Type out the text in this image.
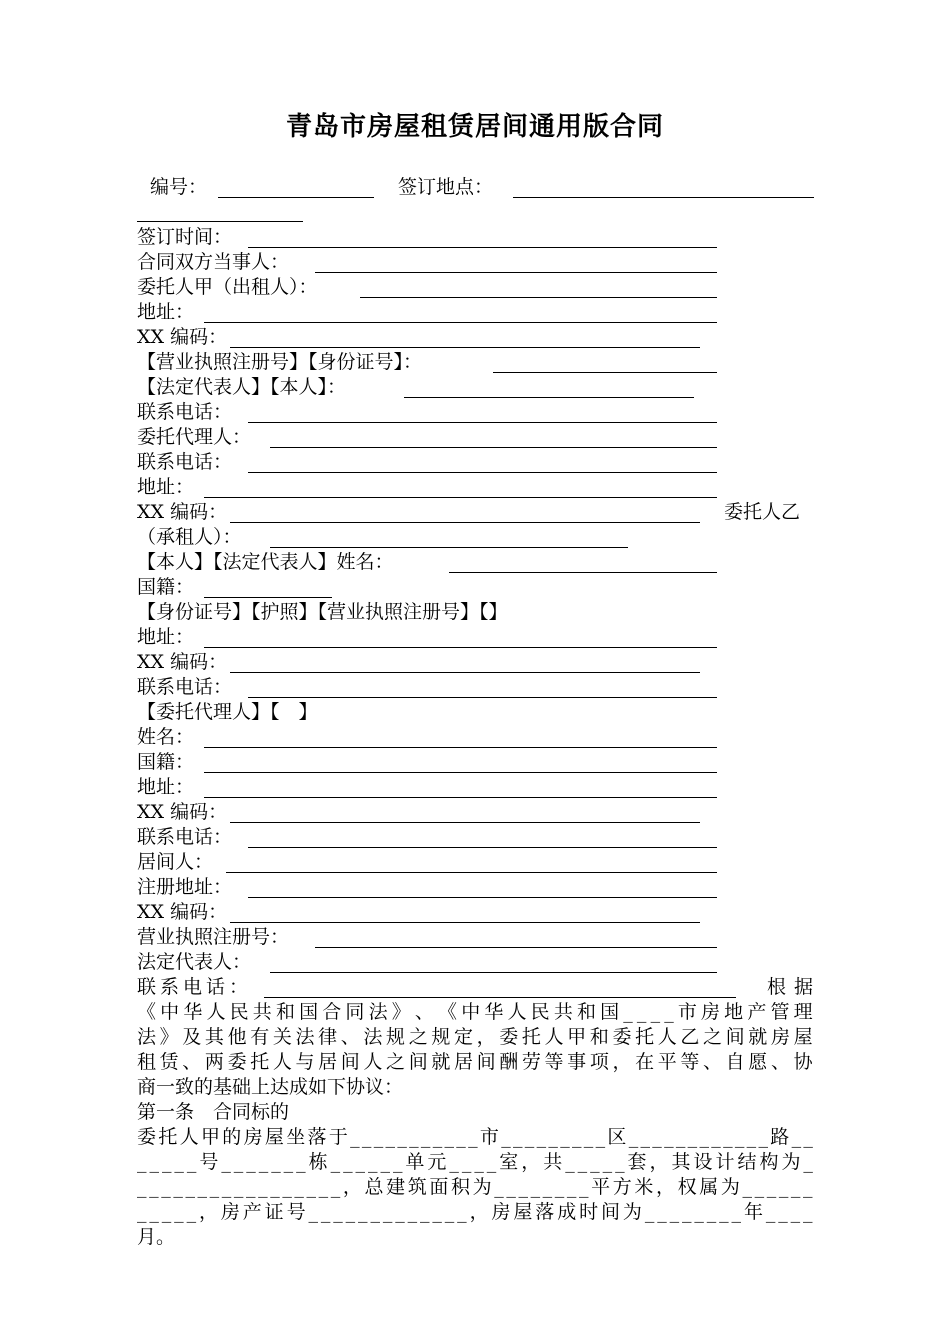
青岛市房屋租赁居间通用版合同
编号：	签订地点：
签订时间：
合同双方当事人：
委托人甲（出租人）：
地址：
XX 编码：
【营业执照注册号】【身份证号】：
【法定代表人】【本人】：
联系电话：
委托代理人：
联系电话：
地址：
XX 编码：	委托人乙
（承租人）：
【本人】【法定代表人】姓名：
国籍：
【身份证号】【护照】【营业执照注册号】【】
地址：
XX 编码：
联系电话：
【委托代理人】【　】
姓名：
国籍：
地址：
XX 编码：
联系电话：
居间人：
注册地址：
XX 编码：
营业执照注册号：
法定代表人：
联系电话：	根据
《 中 华 人 民 共 和 国 合 同 法 》 、 《 中 华 人 民 共 和 国 _ _ _ _ 市 房 地 产 管 理
法 》 及 其 他 有 关 法 律 、 法 规 之 规 定 ， 委 托 人 甲 和 委 托 人 乙 之 间 就 房 屋
租 赁 、 两 委 托 人 与 居 间 人 之 间 就 居 间 酬 劳 等 事 项 ， 在 平 等 、 自 愿 、 协
商一致的基础上达成如下协议：
第一条　合同标的
委 托 人 甲 的 房 屋 坐 落 于 _ _ _ _ _ _ _ _ _ _ _ 市 _ _ _ _ _ _ _ _ _ 区 _ _ _ _ _ _ _ _ _ _ _ _ 路 _ _
_ _ _ _ _ 号 _ _ _ _ _ _ _ 栋 _ _ _ _ _ _ 单 元 _ _ _ _ 室 ， 共 _ _ _ _ _ 套 ， 其 设 计 结 构 为 _
_ _ _ _ _ _ _ _ _ _ _ _ _ _ _ _ _ ， 总 建 筑 面 积 为 _ _ _ _ _ _ _ _ 平 方 米 ， 权 属 为 _ _ _ _ _ _
_ _ _ _ _ ， 房 产 证 号 _ _ _ _ _ _ _ _ _ _ _ _ _ ， 房 屋 落 成 时 间 为 _ _ _ _ _ _ _ _ 年 _ _ _ _
月。
